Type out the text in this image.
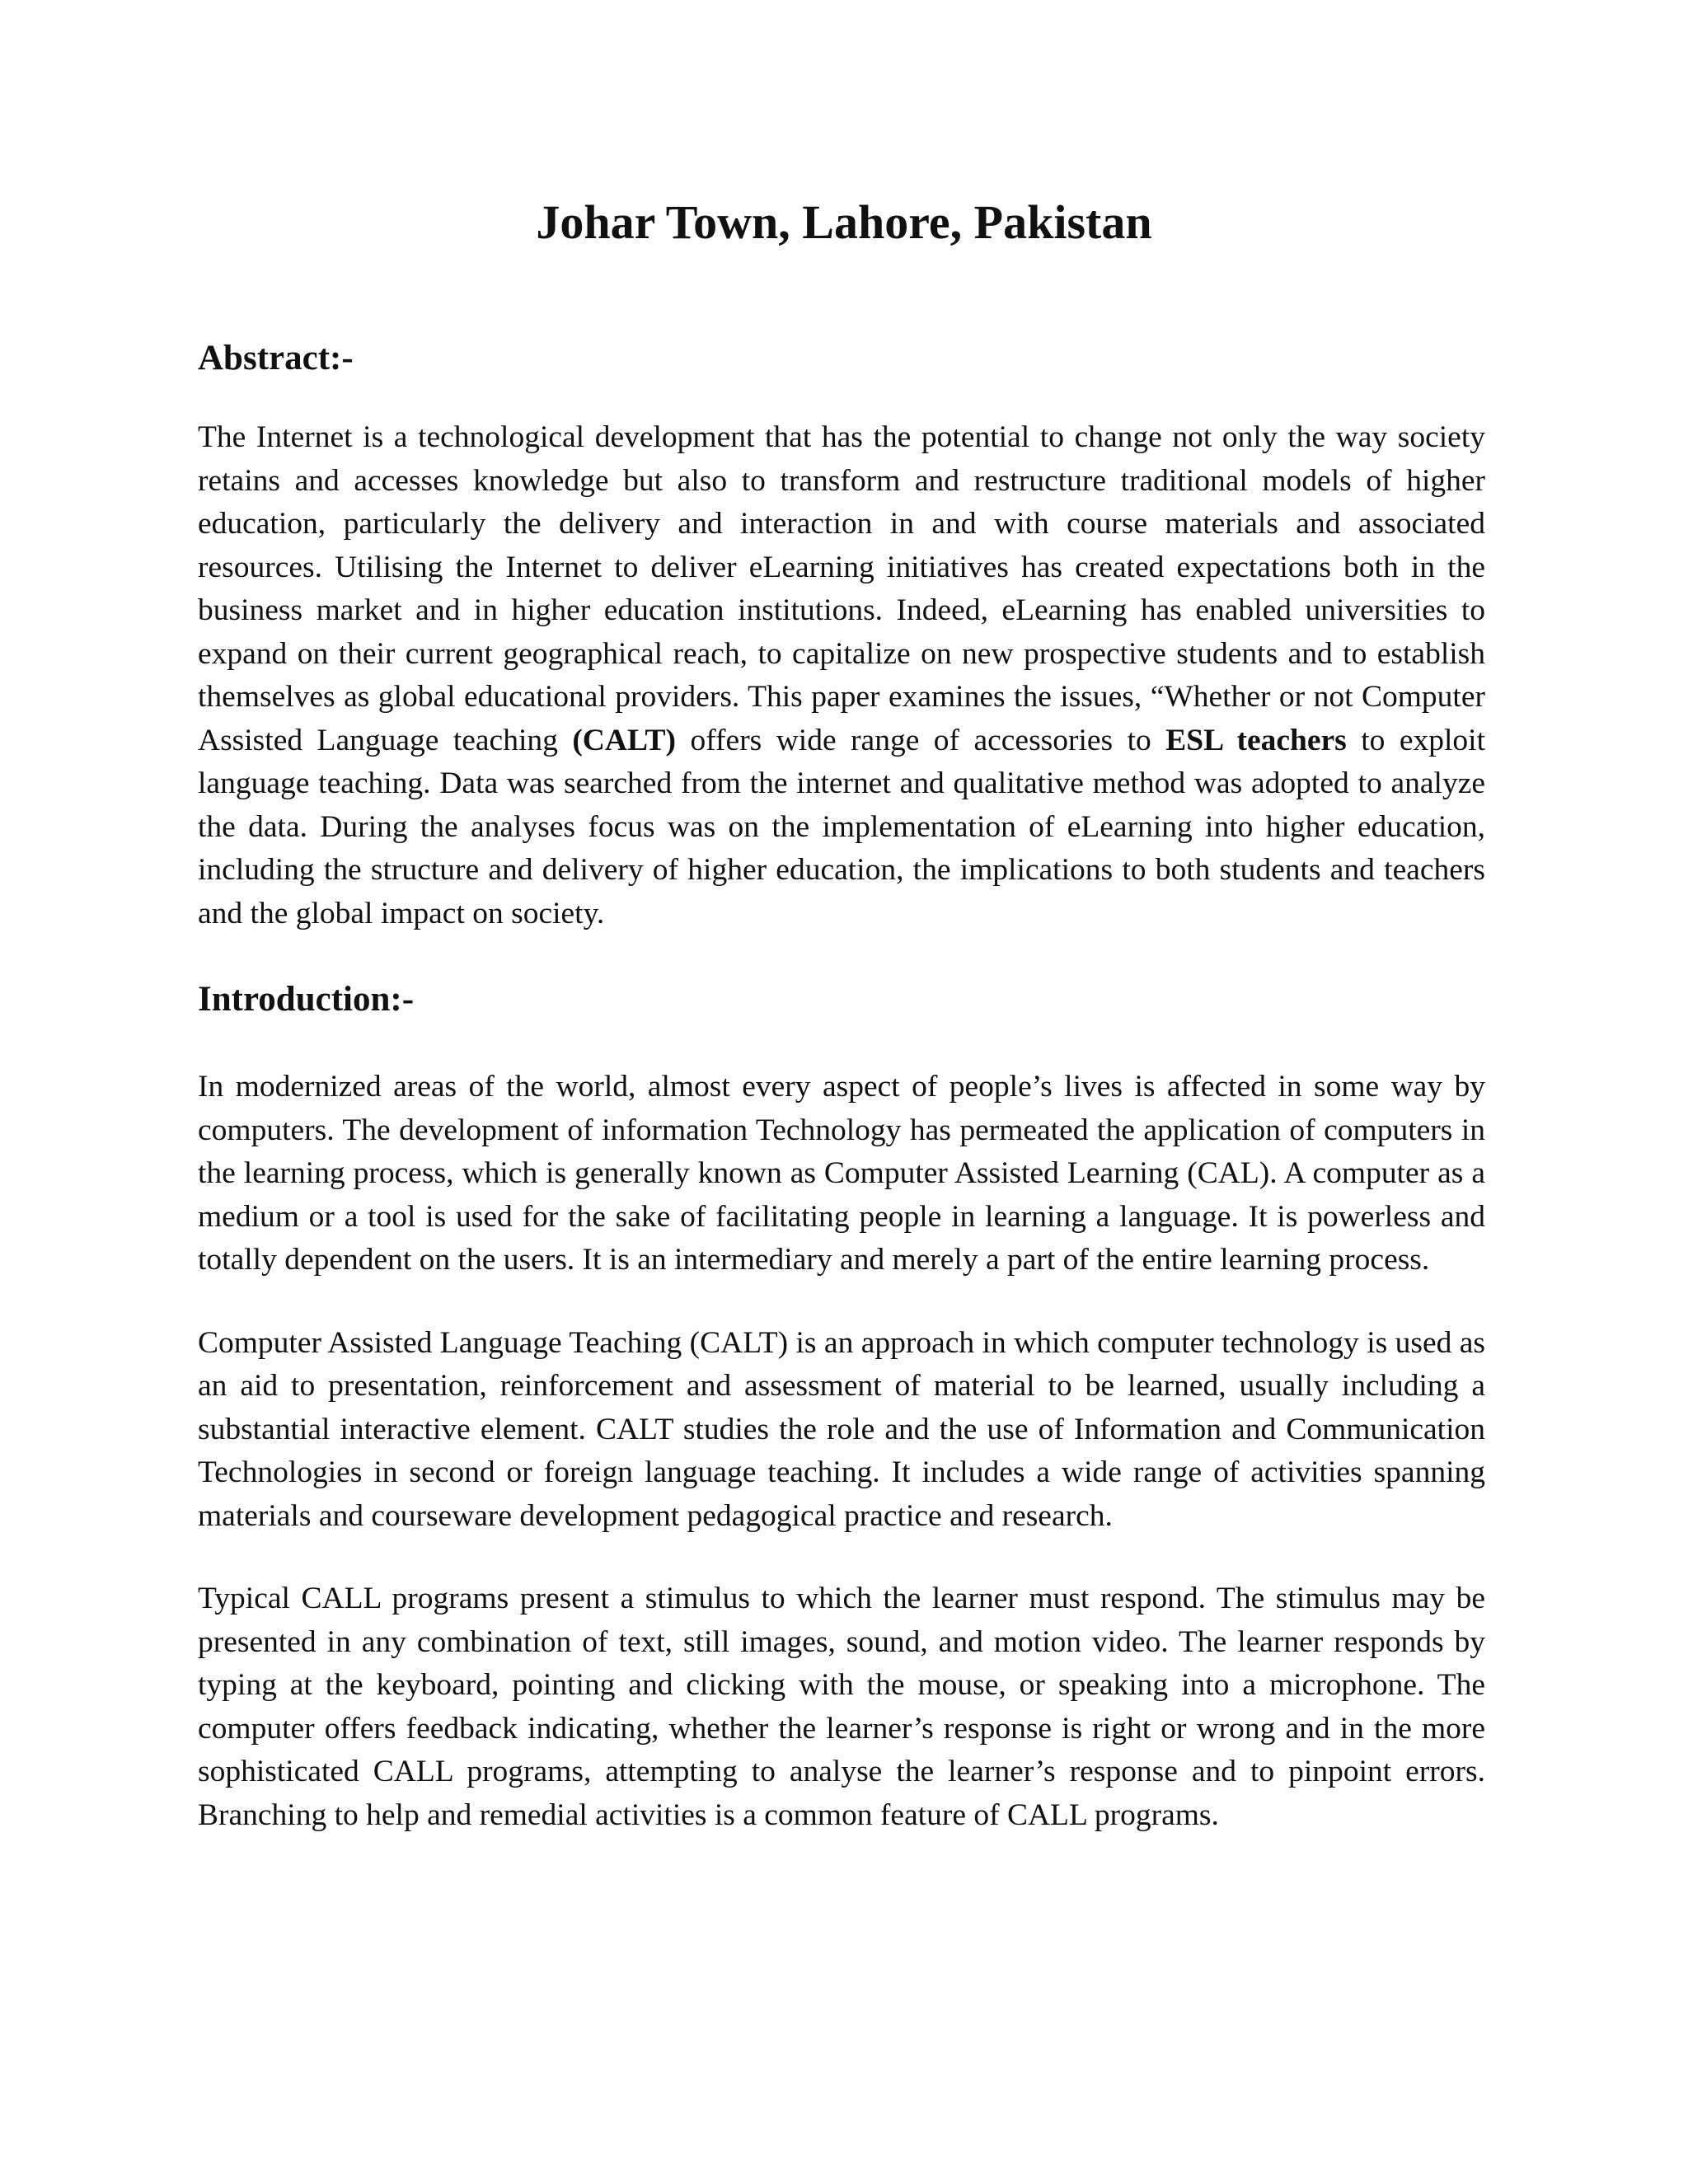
Johar Town, Lahore, Pakistan
Abstract:-

The Internet is a technological development that has the potential to change not only the way society retains and accesses knowledge but also to transform and restructure traditional models of higher education, particularly the delivery and interaction in and with course materials and associated resources. Utilising the Internet to deliver eLearning initiatives has created expectations both in the business market and in higher education institutions. Indeed, eLearning has enabled universities to expand on their current geographical reach, to capitalize on new prospective students and to establish themselves as global educational providers. This paper examines the issues, “Whether or not Computer Assisted Language teaching (CALT) offers wide range of accessories to ESL teachers to exploit language teaching. Data was searched from the internet and qualitative method was adopted to analyze the data. During the analyses focus was on the implementation of eLearning into higher education, including the structure and delivery of higher education, the implications to both students and teachers and the global impact on society.

Introduction:-

In modernized areas of the world, almost every aspect of people’s lives is affected in some way by computers. The development of information Technology has permeated the application of computers in the learning process, which is generally known as Computer Assisted Learning (CAL). A computer as a medium or a tool is used for the sake of facilitating people in learning a language. It is powerless and totally dependent on the users. It is an intermediary and merely a part of the entire learning process.

Computer Assisted Language Teaching (CALT) is an approach in which computer technology is used as an aid to presentation, reinforcement and assessment of material to be learned, usually including a substantial interactive element. CALT studies the role and the use of Information and Communication Technologies in second or foreign language teaching. It includes a wide range of activities spanning materials and courseware development pedagogical practice and research.

Typical CALL programs present a stimulus to which the learner must respond. The stimulus may be presented in any combination of text, still images, sound, and motion video. The learner responds by typing at the keyboard, pointing and clicking with the mouse, or speaking into a microphone. The computer offers feedback indicating, whether the learner’s response is right or wrong and in the more sophisticated CALL programs, attempting to analyse the learner’s response and to pinpoint errors. Branching to help and remedial activities is a common feature of CALL programs.
